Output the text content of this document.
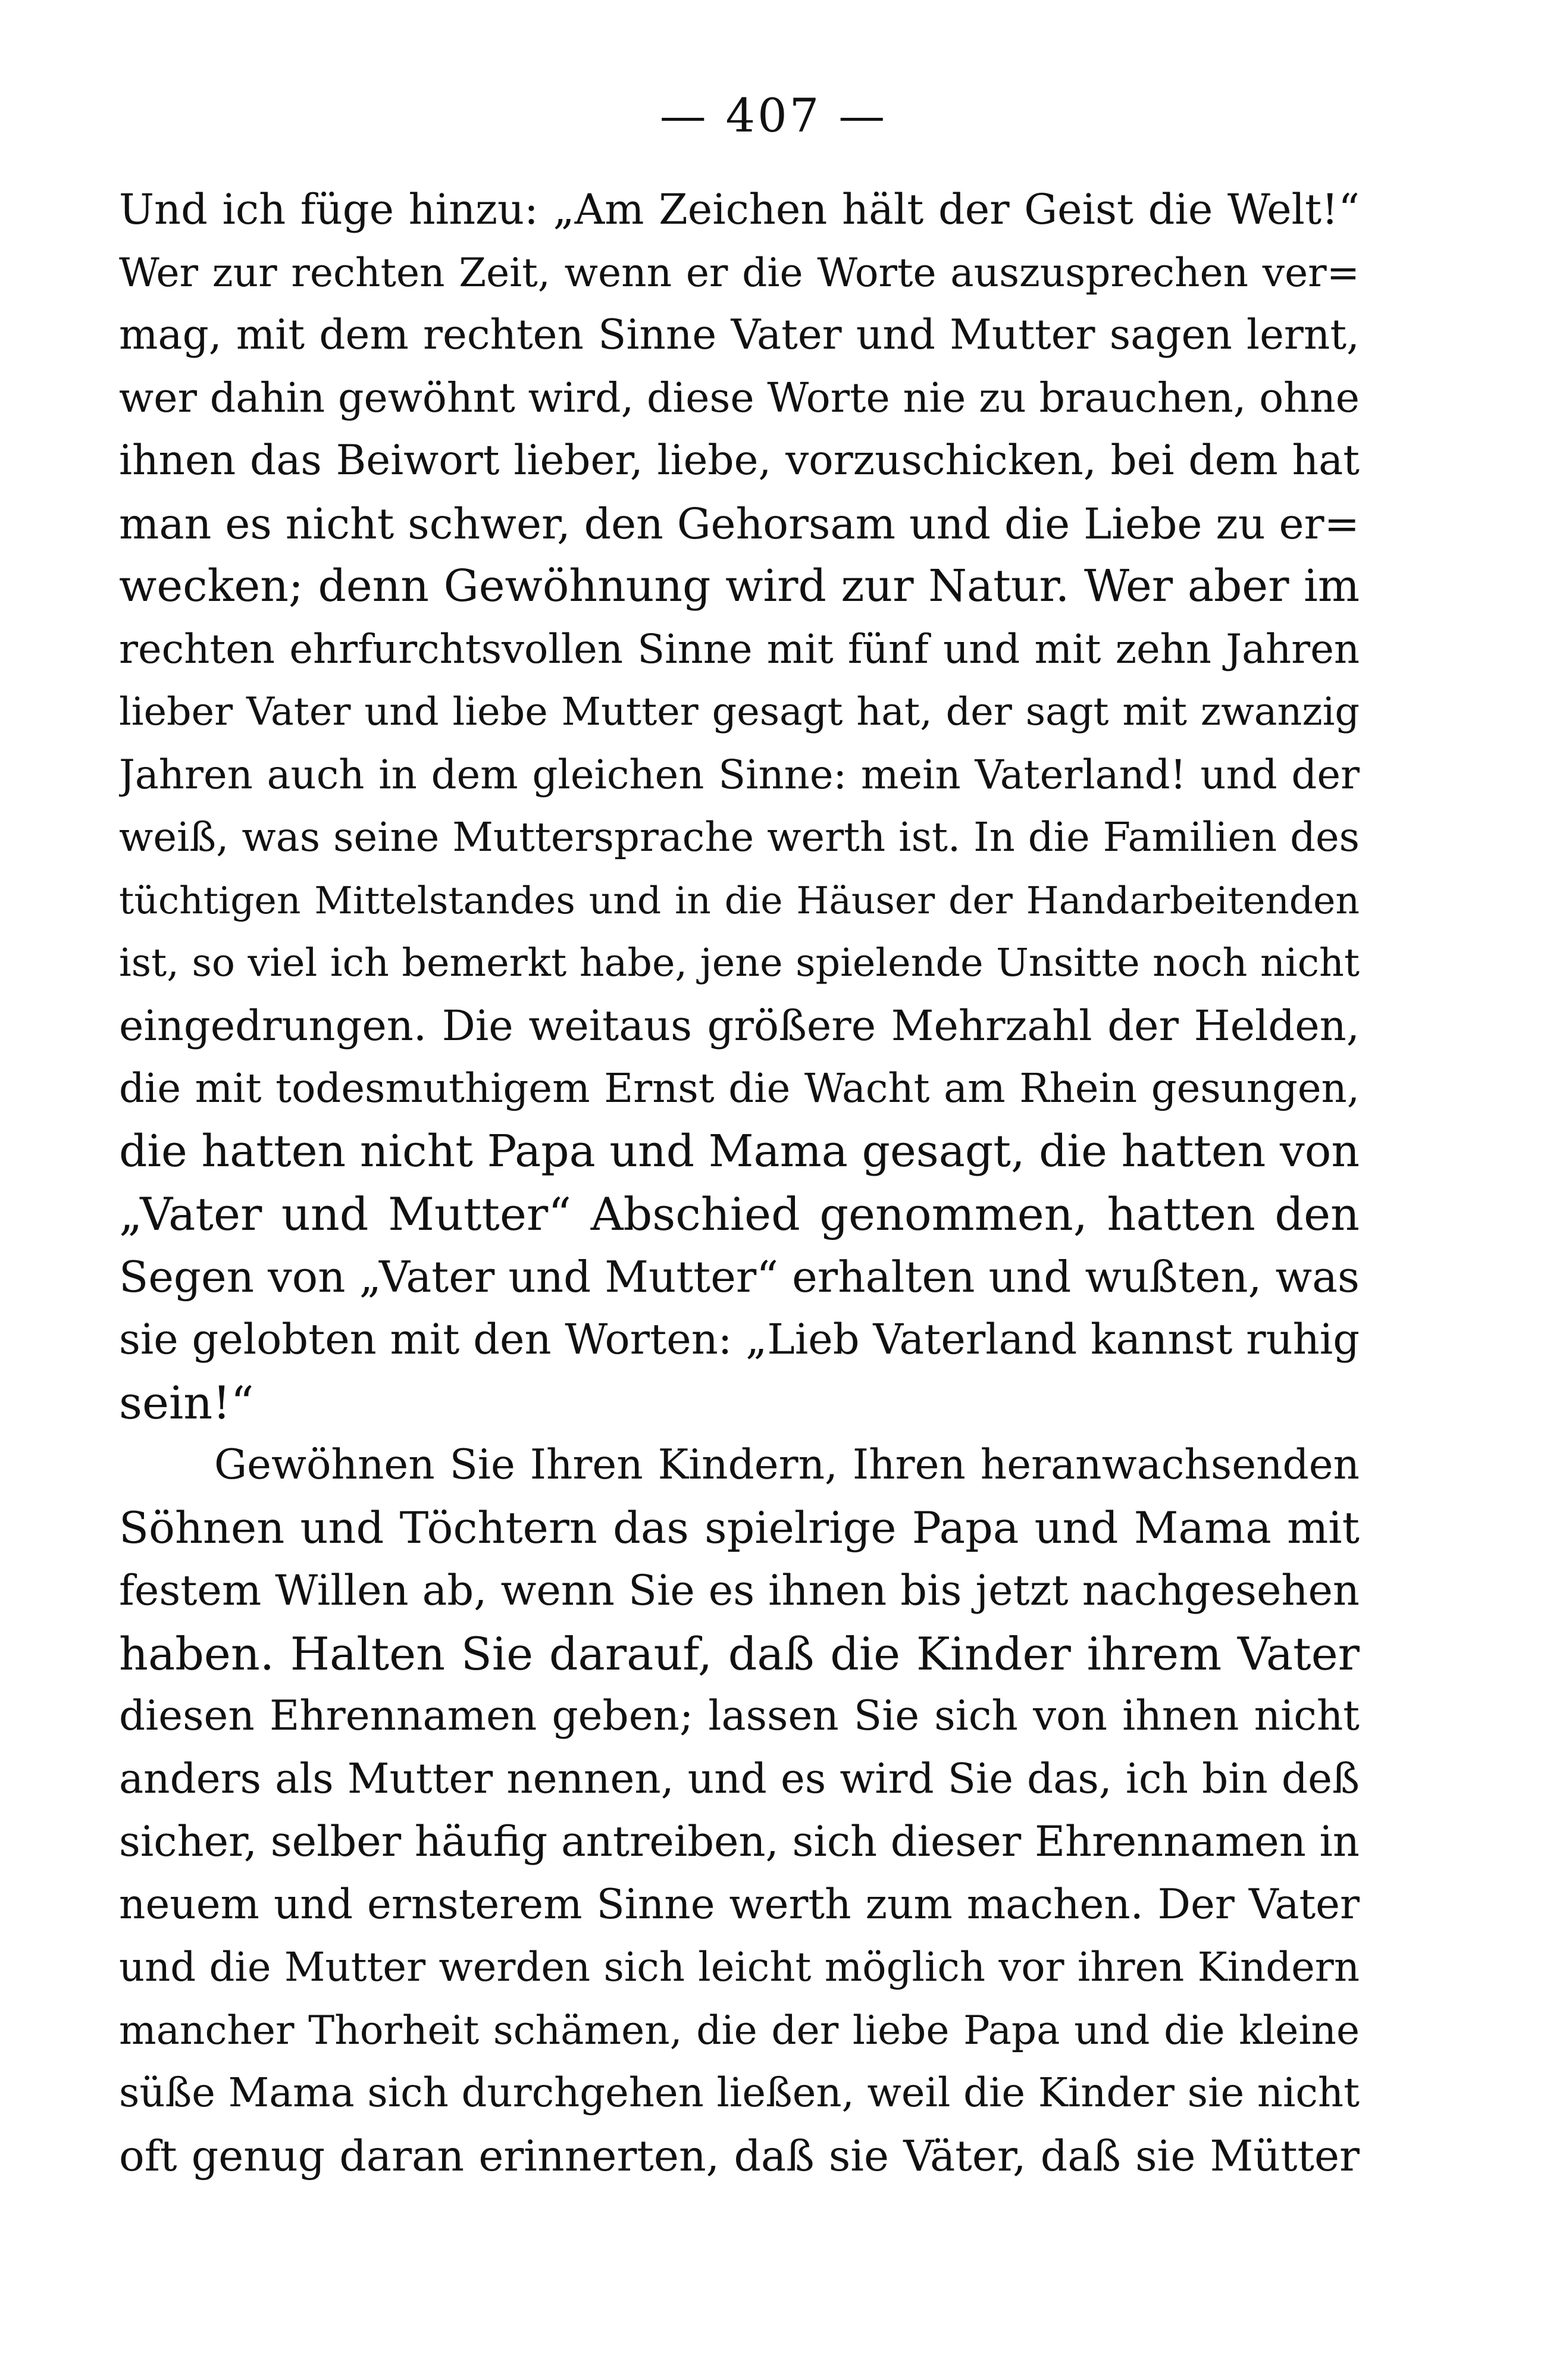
— 407 —
Und ich füge hinzu: „Am Zeichen hält der Geist die Welt!“
Wer zur rechten Zeit, wenn er die Worte auszusprechen ver=
mag, mit dem rechten Sinne Vater und Mutter sagen lernt,
wer dahin gewöhnt wird, diese Worte nie zu brauchen, ohne
ihnen das Beiwort lieber, liebe, vorzuschicken, bei dem hat
man es nicht schwer, den Gehorsam und die Liebe zu er=
wecken; denn Gewöhnung wird zur Natur. Wer aber im
rechten ehrfurchtsvollen Sinne mit fünf und mit zehn Jahren
lieber Vater und liebe Mutter gesagt hat, der sagt mit zwanzig
Jahren auch in dem gleichen Sinne: mein Vaterland! und der
weiß, was seine Muttersprache werth ist. In die Familien des
tüchtigen Mittelstandes und in die Häuser der Handarbeitenden
ist, so viel ich bemerkt habe, jene spielende Unsitte noch nicht
eingedrungen. Die weitaus größere Mehrzahl der Helden,
die mit todesmuthigem Ernst die Wacht am Rhein gesungen,
die hatten nicht Papa und Mama gesagt, die hatten von
„Vater und Mutter“ Abschied genommen, hatten den
Segen von „Vater und Mutter“ erhalten und wußten, was
sie gelobten mit den Worten: „Lieb Vaterland kannst ruhig
sein!“
Gewöhnen Sie Ihren Kindern, Ihren heranwachsenden
Söhnen und Töchtern das spielrige Papa und Mama mit
festem Willen ab, wenn Sie es ihnen bis jetzt nachgesehen
haben. Halten Sie darauf, daß die Kinder ihrem Vater
diesen Ehrennamen geben; lassen Sie sich von ihnen nicht
anders als Mutter nennen, und es wird Sie das, ich bin deß
sicher, selber häufig antreiben, sich dieser Ehrennamen in
neuem und ernsterem Sinne werth zum machen. Der Vater
und die Mutter werden sich leicht möglich vor ihren Kindern
mancher Thorheit schämen, die der liebe Papa und die kleine
süße Mama sich durchgehen ließen, weil die Kinder sie nicht
oft genug daran erinnerten, daß sie Väter, daß sie Mütter
